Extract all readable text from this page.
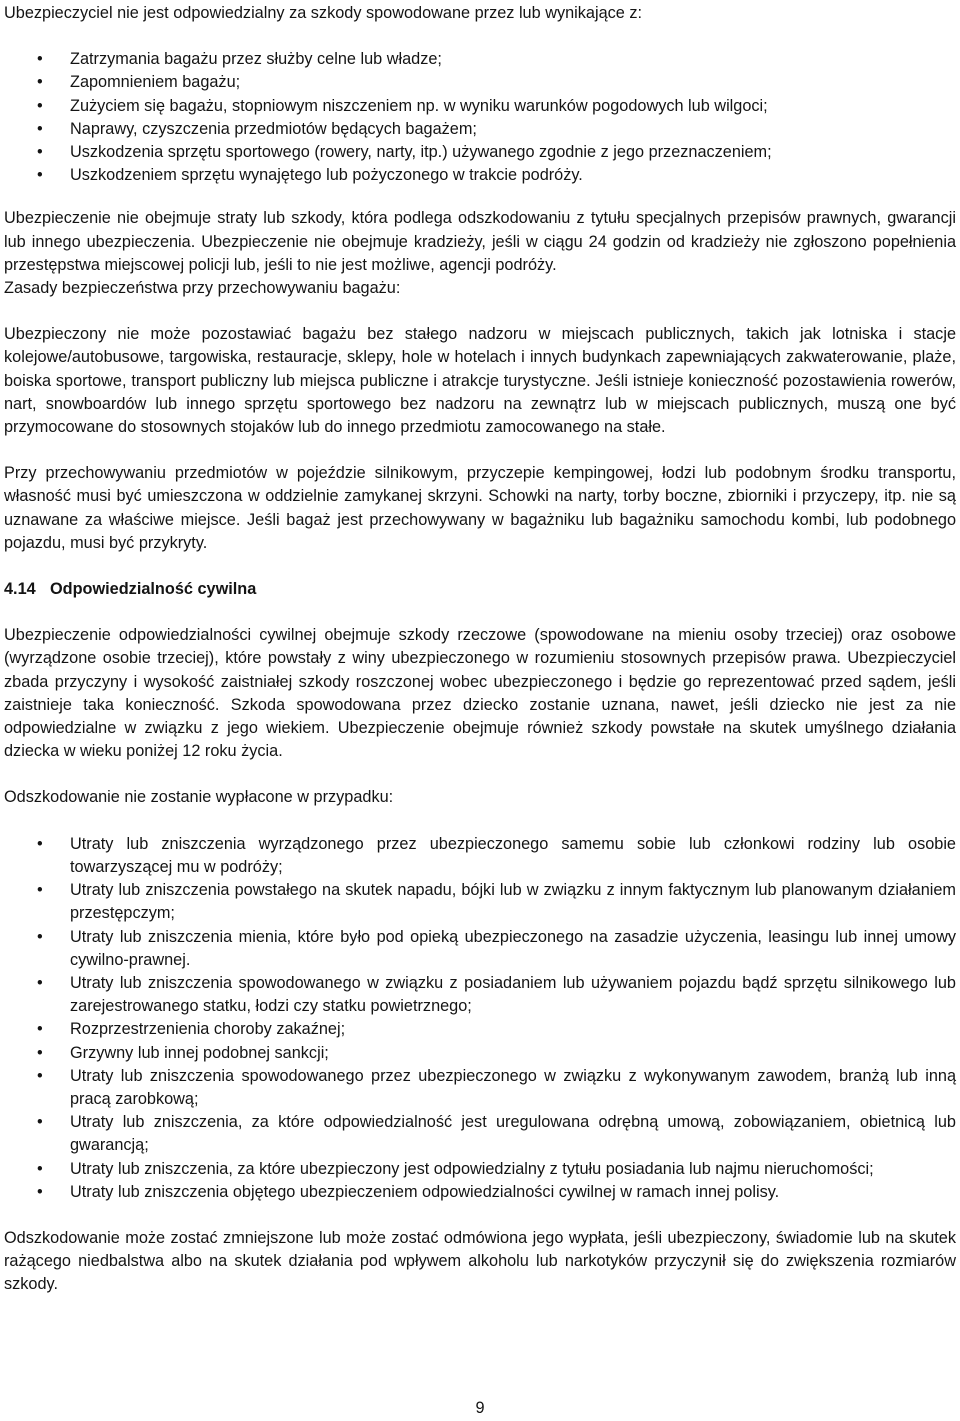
Ubezpieczyciel nie jest odpowiedzialny za szkody spowodowane przez lub wynikające z:

• Zatrzymania bagażu przez służby celne lub władze;
• Zapomnieniem bagażu;
• Zużyciem się bagażu, stopniowym niszczeniem np. w wyniku warunków pogodowych lub wilgoci;
• Naprawy, czyszczenia przedmiotów będących bagażem;
• Uszkodzenia sprzętu sportowego (rowery, narty, itp.) używanego zgodnie z jego przeznaczeniem;
• Uszkodzeniem sprzętu wynajętego lub pożyczonego w trakcie podróży.

Ubezpieczenie nie obejmuje straty lub szkody, która podlega odszkodowaniu z tytułu specjalnych przepisów prawnych, gwarancji lub innego ubezpieczenia. Ubezpieczenie nie obejmuje kradzieży, jeśli w ciągu 24 godzin od kradzieży nie zgłoszono popełnienia przestępstwa miejscowej policji lub, jeśli to nie jest możliwe, agencji podróży.

Zasady bezpieczeństwa przy przechowywaniu bagażu:

Ubezpieczony nie może pozostawiać bagażu bez stałego nadzoru w miejscach publicznych, takich jak lotniska i stacje kolejowe/autobusowe, targowiska, restauracje, sklepy, hole w hotelach i innych budynkach zapewniających zakwaterowanie, plaże, boiska sportowe, transport publiczny lub miejsca publiczne i atrakcje turystyczne. Jeśli istnieje konieczność pozostawienia rowerów, nart, snowboardów lub innego sprzętu sportowego bez nadzoru na zewnątrz lub w miejscach publicznych, muszą one być przymocowane do stosownych stojaków lub do innego przedmiotu zamocowanego na stałe.

Przy przechowywaniu przedmiotów w pojeździe silnikowym, przyczepie kempingowej, łodzi lub podobnym środku transportu, własność musi być umieszczona w oddzielnie zamykanej skrzyni. Schowki na narty, torby boczne, zbiorniki i przyczepy, itp. nie są uznawane za właściwe miejsce. Jeśli bagaż jest przechowywany w bagażniku lub bagażniku samochodu kombi, lub podobnego pojazdu, musi być przykryty.

4.14 Odpowiedzialność cywilna

Ubezpieczenie odpowiedzialności cywilnej obejmuje szkody rzeczowe (spowodowane na mieniu osoby trzeciej) oraz osobowe (wyrządzone osobie trzeciej), które powstały z winy ubezpieczonego w rozumieniu stosownych przepisów prawa. Ubezpieczyciel zbada przyczyny i wysokość zaistniałej szkody roszczonej wobec ubezpieczonego i będzie go reprezentować przed sądem, jeśli zaistnieje taka konieczność. Szkoda spowodowana przez dziecko zostanie uznana, nawet, jeśli dziecko nie jest za nie odpowiedzialne w związku z jego wiekiem. Ubezpieczenie obejmuje również szkody powstałe na skutek umyślnego działania dziecka w wieku poniżej 12 roku życia.

Odszkodowanie nie zostanie wypłacone w przypadku:

• Utraty lub zniszczenia wyrządzonego przez ubezpieczonego samemu sobie lub członkowi rodziny lub osobie towarzyszącej mu w podróży;
• Utraty lub zniszczenia powstałego na skutek napadu, bójki lub w związku z innym faktycznym lub planowanym działaniem przestępczym;
• Utraty lub zniszczenia mienia, które było pod opieką ubezpieczonego na zasadzie użyczenia, leasingu lub innej umowy cywilno-prawnej.
• Utraty lub zniszczenia spowodowanego w związku z posiadaniem lub używaniem pojazdu bądź sprzętu silnikowego lub zarejestrowanego statku, łodzi czy statku powietrznego;
• Rozprzestrzenienia choroby zakaźnej;
• Grzywny lub innej podobnej sankcji;
• Utraty lub zniszczenia spowodowanego przez ubezpieczonego w związku z wykonywanym zawodem, branżą lub inną pracą zarobkową;
• Utraty lub zniszczenia, za które odpowiedzialność jest uregulowana odrębną umową, zobowiązaniem, obietnicą lub gwarancją;
• Utraty lub zniszczenia, za które ubezpieczony jest odpowiedzialny z tytułu posiadania lub najmu nieruchomości;
• Utraty lub zniszczenia objętego ubezpieczeniem odpowiedzialności cywilnej w ramach innej polisy.

Odszkodowanie może zostać zmniejszone lub może zostać odmówiona jego wypłata, jeśli ubezpieczony, świadomie lub na skutek rażącego niedbalstwa albo na skutek działania pod wpływem alkoholu lub narkotyków przyczynił się do zwiększenia rozmiarów szkody.

9
